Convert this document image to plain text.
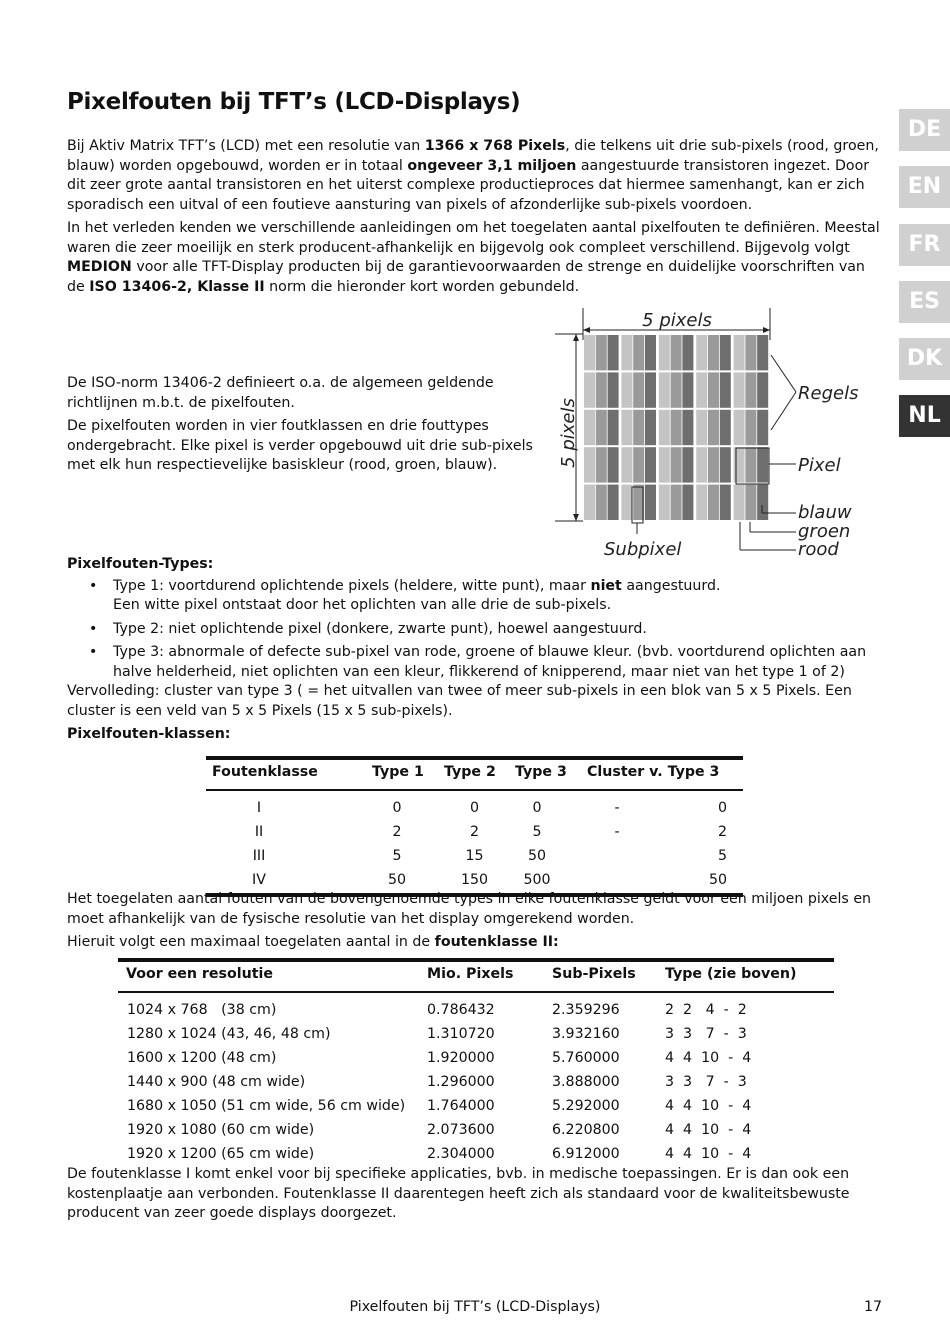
Pixelfouten bij TFT’s (LCD-Displays)
DE
EN
FR
ES
DK
NL

Bij Aktiv Matrix TFT’s (LCD) met een resolutie van 1366 x 768 Pixels, die telkens uit drie sub-pixels (rood, groen, blauw) worden opgebouwd, worden er in totaal ongeveer 3,1 miljoen aangestuurde transistoren ingezet. Door dit zeer grote aantal transistoren en het uiterst complexe productieproces dat hiermee samenhangt, kan er zich sporadisch een uitval of een foutieve aansturing van pixels of afzonderlijke sub-pixels voordoen.

In het verleden kenden we verschillende aanleidingen om het toegelaten aantal pixelfouten te definiëren. Meestal waren die zeer moeilijk en sterk producent-afhankelijk en bijgevolg ook compleet verschillend. Bijgevolg volgt MEDION voor alle TFT-Display producten bij de garantievoorwaarden de strenge en duidelijke voorschriften van de ISO 13406-2, Klasse II norm die hieronder kort worden gebundeld.

De ISO-norm 13406-2 definieert o.a. de algemeen geldende richtlijnen m.b.t. de pixelfouten.

De pixelfouten worden in vier foutklassen en drie fouttypes ondergebracht. Elke pixel is verder opgebouwd uit drie sub-pixels met elk hun respectievelijke basiskleur (rood, groen, blauw).

5 pixels
5 pixels
Regels
Pixel
Subpixel
blauw
groen
rood

Pixelfouten-Types:

• Type 1: voortdurend oplichtende pixels (heldere, witte punt), maar niet aangestuurd.
Een witte pixel ontstaat door het oplichten van alle drie de sub-pixels.
• Type 2: niet oplichtende pixel (donkere, zwarte punt), hoewel aangestuurd.
• Type 3: abnormale of defecte sub-pixel van rode, groene of blauwe kleur. (bvb. voortdurend oplichten aan halve helderheid, niet oplichten van een kleur, flikkerend of knipperend, maar niet van het type 1 of 2)

Vervolleding: cluster van type 3 ( = het uitvallen van twee of meer sub-pixels in een blok van 5 x 5 Pixels. Een cluster is een veld van 5 x 5 Pixels (15 x 5 sub-pixels).

Pixelfouten-klassen:

Foutenklasse	Type 1	Type 2	Type 3	Cluster v. Type 3
I	0	0	0	- 0
II	2	2	5	- 2
III	5	15	50	5
IV	50	150	500	50

Het toegelaten aantal fouten van de bovengenoemde types in elke foutenklasse geldt voor een miljoen pixels en moet afhankelijk van de fysische resolutie van het display omgerekend worden.

Hieruit volgt een maximaal toegelaten aantal in de foutenklasse II:

Voor een resolutie	Mio. Pixels	Sub-Pixels	Type (zie boven)
1024 x 768   (38 cm)	0.786432	2.359296	2  2   4  -  2
1280 x 1024 (43, 46, 48 cm)	1.310720	3.932160	3  3   7  -  3
1600 x 1200 (48 cm)	1.920000	5.760000	4  4  10  -  4
1440 x 900 (48 cm wide)	1.296000	3.888000	3  3   7  -  3
1680 x 1050 (51 cm wide, 56 cm wide)	1.764000	5.292000	4  4  10  -  4
1920 x 1080 (60 cm wide)	2.073600	6.220800	4  4  10  -  4
1920 x 1200 (65 cm wide)	2.304000	6.912000	4  4  10  -  4

De foutenklasse I komt enkel voor bij specifieke applicaties, bvb. in medische toepassingen. Er is dan ook een kostenplaatje aan verbonden. Foutenklasse II daarentegen heeft zich als standaard voor de kwaliteitsbewuste producent van zeer goede displays doorgezet.

Pixelfouten bij TFT’s (LCD-Displays)	17
